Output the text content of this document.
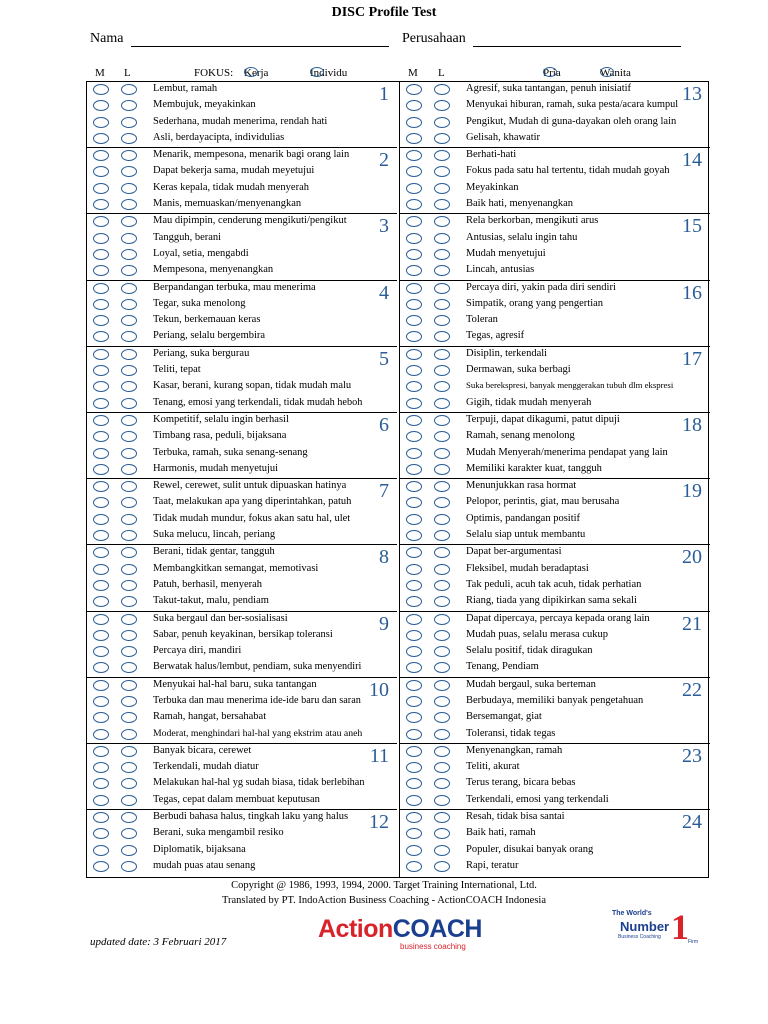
DISC Profile Test
Nama	Perusahaan
M L	FOKUS: Kerja	Individu	M L	Pria	Wanita
Lembut, ramah
Membujuk, meyakinkan
Sederhana, mudah menerima, rendah hati
Asli, berdayacipta, individulias
1
Menarik, mempesona, menarik bagi orang lain
Dapat bekerja sama, mudah meyetujui
Keras kepala, tidak mudah menyerah
Manis, memuaskan/menyenangkan
2
Mau dipimpin, cenderung mengikuti/pengikut
Tangguh, berani
Loyal, setia, mengabdi
Mempesona, menyenangkan
3
Berpandangan terbuka, mau menerima
Tegar, suka menolong
Tekun, berkemauan keras
Periang, selalu bergembira
4
Periang, suka bergurau
Teliti, tepat
Kasar, berani, kurang sopan, tidak mudah malu
Tenang, emosi yang terkendali, tidak mudah heboh
5
Kompetitif, selalu ingin berhasil
Timbang rasa, peduli, bijaksana
Terbuka, ramah, suka senang-senang
Harmonis, mudah menyetujui
6
Rewel, cerewet, sulit untuk dipuaskan hatinya
Taat, melakukan apa yang diperintahkan, patuh
Tidak mudah mundur, fokus akan satu hal, ulet
Suka melucu, lincah, periang
7
Berani, tidak gentar, tangguh
Membangkitkan semangat, memotivasi
Patuh, berhasil, menyerah
Takut-takut, malu, pendiam
8
Suka bergaul dan ber-sosialisasi
Sabar, penuh keyakinan, bersikap toleransi
Percaya diri, mandiri
Berwatak halus/lembut, pendiam, suka menyendiri
9
Menyukai hal-hal baru, suka tantangan
Terbuka dan mau menerima ide-ide baru dan saran
Ramah, hangat, bersahabat
Moderat, menghindari hal-hal yang ekstrim atau aneh
10
Banyak bicara, cerewet
Terkendali, mudah diatur
Melakukan hal-hal yg sudah biasa, tidak berlebihan
Tegas, cepat dalam membuat keputusan
11
Berbudi bahasa halus, tingkah laku yang halus
Berani, suka mengambil resiko
Diplomatik, bijaksana
mudah puas atau senang
12
Agresif, suka tantangan, penuh inisiatif
Menyukai hiburan, ramah, suka pesta/acara kumpul
Pengikut, Mudah di guna-dayakan oleh orang lain
Gelisah, khawatir
13
Berhati-hati
Fokus pada satu hal tertentu, tidah mudah goyah
Meyakinkan
Baik hati, menyenangkan
14
Rela berkorban, mengikuti arus
Antusias, selalu ingin tahu
Mudah menyetujui
Lincah, antusias
15
Percaya diri, yakin pada diri sendiri
Simpatik, orang yang pengertian
Toleran
Tegas, agresif
16
Disiplin, terkendali
Dermawan, suka berbagi
Suka berekspresi, banyak menggerakan tubuh dlm ekspresi
Gigih, tidak mudah menyerah
17
Terpuji, dapat dikagumi, patut dipuji
Ramah, senang menolong
Mudah Menyerah/menerima pendapat yang lain
Memiliki karakter kuat, tangguh
18
Menunjukkan rasa hormat
Pelopor, perintis, giat, mau berusaha
Optimis, pandangan positif
Selalu siap untuk membantu
19
Dapat ber-argumentasi
Fleksibel, mudah beradaptasi
Tak peduli, acuh tak acuh, tidak perhatian
Riang, tiada yang dipikirkan sama sekali
20
Dapat dipercaya, percaya kepada orang lain
Mudah puas, selalu merasa cukup
Selalu positif, tidak diragukan
Tenang, Pendiam
21
Mudah bergaul, suka berteman
Berbudaya, memiliki banyak pengetahuan
Bersemangat, giat
Toleransi, tidak tegas
22
Menyenangkan, ramah
Teliti, akurat
Terus terang, bicara bebas
Terkendali, emosi yang terkendali
23
Resah, tidak bisa santai
Baik hati, ramah
Populer, disukai banyak orang
Rapi, teratur
24
Copyright @ 1986, 1993, 1994, 2000. Target Training International, Ltd.
Translated by PT. IndoAction Business Coaching - ActionCOACH Indonesia
updated date: 3 Februari 2017	ActionCOACH
business coaching
The World's
Number 1
Business Coaching
Firm
